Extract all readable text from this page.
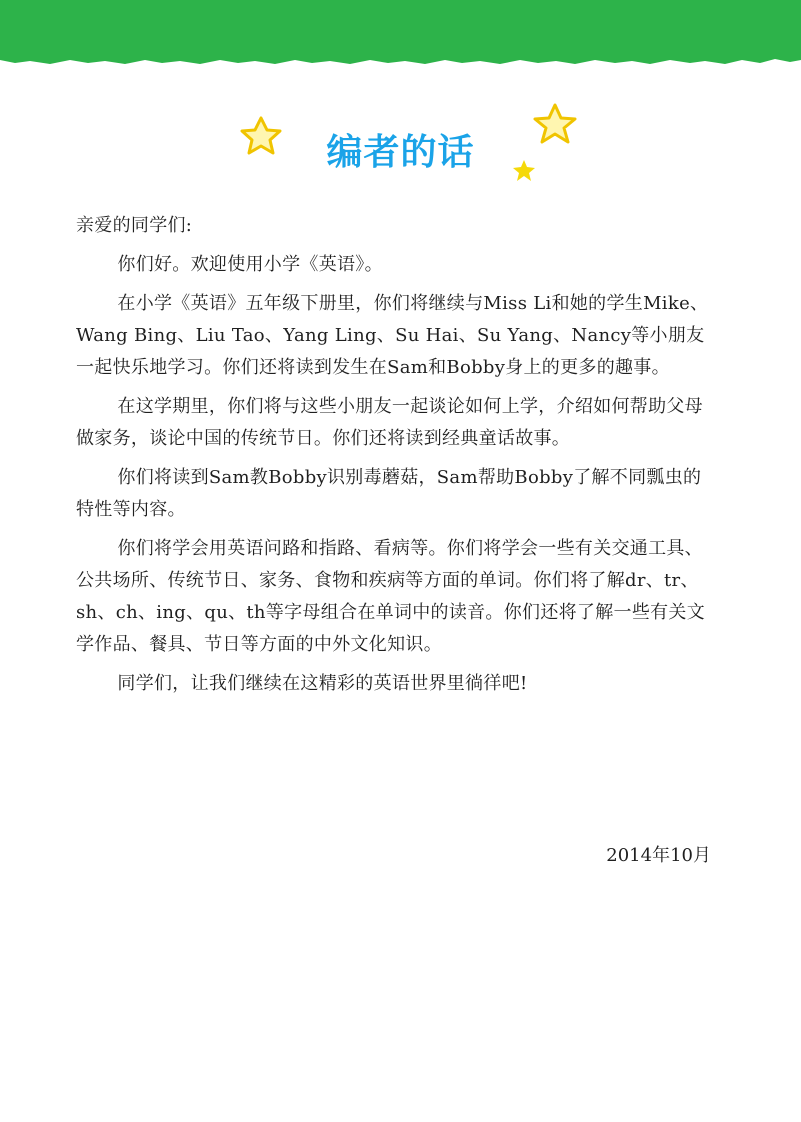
编者的话

亲爱的同学们:

你们好。欢迎使用小学《英语》。

在小学《英语》五年级下册里，你们将继续与Miss Li和她的学生Mike、Wang Bing、Liu Tao、Yang Ling、Su Hai、Su Yang、Nancy等小朋友一起快乐地学习。你们还将读到发生在Sam和Bobby身上的更多的趣事。

在这学期里，你们将与这些小朋友一起谈论如何上学，介绍如何帮助父母做家务，谈论中国的传统节日。你们还将读到经典童话故事。

你们将读到Sam教Bobby识别毒蘑菇，Sam帮助Bobby了解不同瓢虫的特性等内容。

你们将学会用英语问路和指路、看病等。你们将学会一些有关交通工具、公共场所、传统节日、家务、食物和疾病等方面的单词。你们将了解dr、tr、sh、ch、ing、qu、th等字母组合在单词中的读音。你们还将了解一些有关文学作品、餐具、节日等方面的中外文化知识。

同学们，让我们继续在这精彩的英语世界里徜徉吧!

2014年10月
